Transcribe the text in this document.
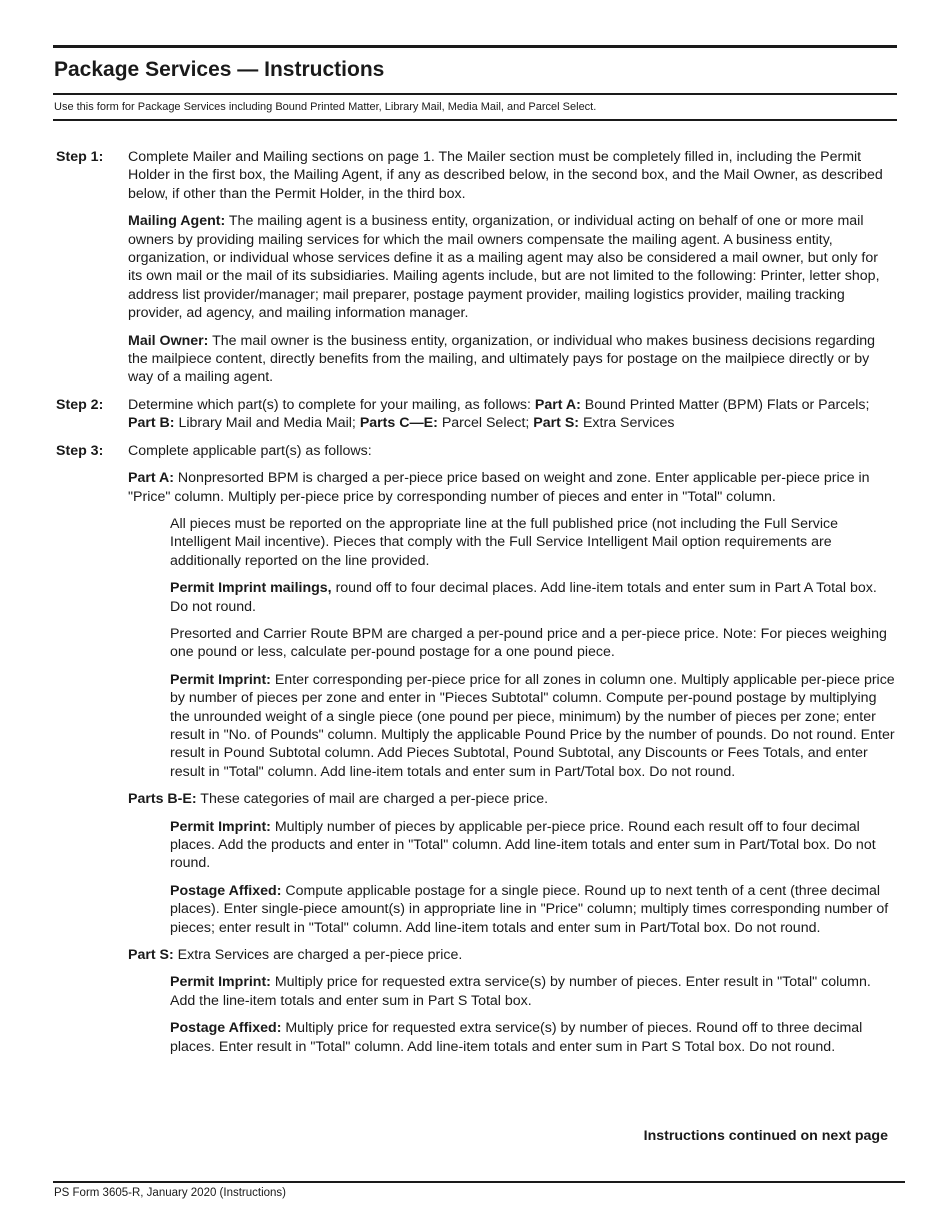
Package Services — Instructions
Use this form for Package Services including Bound Printed Matter, Library Mail, Media Mail, and Parcel Select.
Step 1:	Complete Mailer and Mailing sections on page 1. The Mailer section must be completely filled in, including the Permit Holder in the first box, the Mailing Agent, if any as described below, in the second box, and the Mail Owner, as described below, if other than the Permit Holder, in the third box.

Mailing Agent: The mailing agent is a business entity, organization, or individual acting on behalf of one or more mail owners by providing mailing services for which the mail owners compensate the mailing agent. A business entity, organization, or individual whose services define it as a mailing agent may also be considered a mail owner, but only for its own mail or the mail of its subsidiaries. Mailing agents include, but are not limited to the following: Printer, letter shop, address list provider/manager; mail preparer, postage payment provider, mailing logistics provider, mailing tracking provider, ad agency, and mailing information manager.

Mail Owner: The mail owner is the business entity, organization, or individual who makes business decisions regarding the mailpiece content, directly benefits from the mailing, and ultimately pays for postage on the mailpiece directly or by way of a mailing agent.

Step 2:	Determine which part(s) to complete for your mailing, as follows: Part A: Bound Printed Matter (BPM) Flats or Parcels; Part B: Library Mail and Media Mail; Parts C—E: Parcel Select; Part S: Extra Services
Step 3:	Complete applicable part(s) as follows:

Part A: Nonpresorted BPM is charged a per-piece price based on weight and zone. Enter applicable per-piece price in "Price" column. Multiply per-piece price by corresponding number of pieces and enter in "Total" column.

All pieces must be reported on the appropriate line at the full published price (not including the Full Service Intelligent Mail incentive). Pieces that comply with the Full Service Intelligent Mail option requirements are additionally reported on the line provided.

Permit Imprint mailings, round off to four decimal places. Add line-item totals and enter sum in Part A Total box. Do not round.

Presorted and Carrier Route BPM are charged a per-pound price and a per-piece price. Note: For pieces weighing one pound or less, calculate per-pound postage for a one pound piece.

Permit Imprint: Enter corresponding per-piece price for all zones in column one. Multiply applicable per-piece price by number of pieces per zone and enter in "Pieces Subtotal" column. Compute per-pound postage by multiplying the unrounded weight of a single piece (one pound per piece, minimum) by the number of pieces per zone; enter result in "No. of Pounds" column. Multiply the applicable Pound Price by the number of pounds. Do not round. Enter result in Pound Subtotal column. Add Pieces Subtotal, Pound Subtotal, any Discounts or Fees Totals, and enter result in "Total" column. Add line-item totals and enter sum in Part/Total box. Do not round.

Parts B-E: These categories of mail are charged a per-piece price.

Permit Imprint: Multiply number of pieces by applicable per-piece price. Round each result off to four decimal places. Add the products and enter in "Total" column. Add line-item totals and enter sum in Part/Total box. Do not round.

Postage Affixed: Compute applicable postage for a single piece. Round up to next tenth of a cent (three decimal places). Enter single-piece amount(s) in appropriate line in "Price" column; multiply times corresponding number of pieces; enter result in "Total" column. Add line-item totals and enter sum in Part/Total box. Do not round.

Part S: Extra Services are charged a per-piece price.

Permit Imprint: Multiply price for requested extra service(s) by number of pieces. Enter result in "Total" column. Add the line-item totals and enter sum in Part S Total box.

Postage Affixed: Multiply price for requested extra service(s) by number of pieces. Round off to three decimal places. Enter result in "Total" column. Add line-item totals and enter sum in Part S Total box. Do not round.

Instructions continued on next page
PS Form 3605-R, January 2020 (Instructions)
